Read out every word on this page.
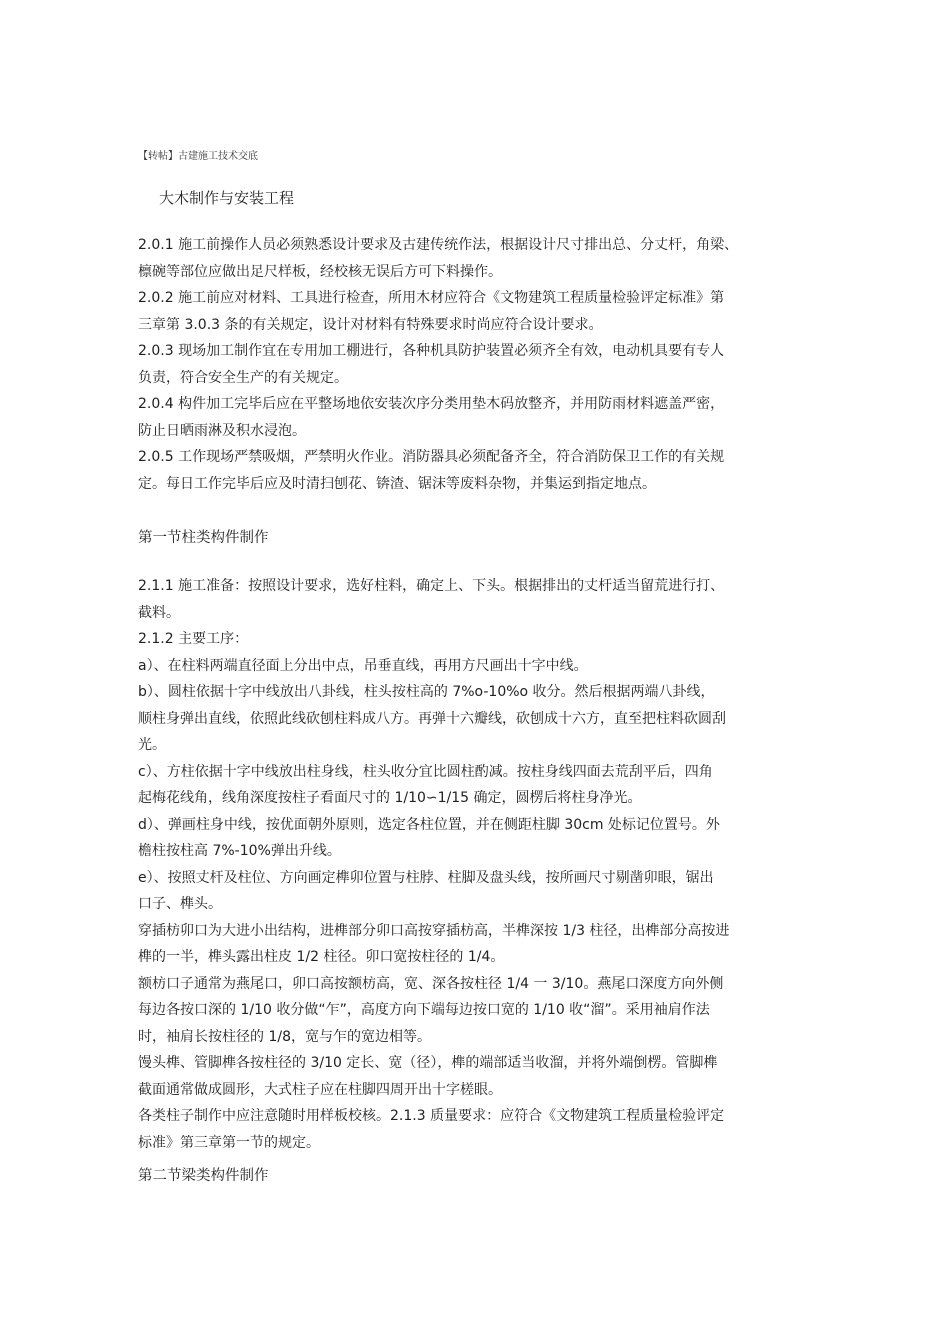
【转帖】古建施工技术交底
大木制作与安装工程

2.0.1 施工前操作人员必须熟悉设计要求及古建传统作法，根据设计尺寸排出总、分丈杆，角梁、
檩碗等部位应做出足尺样板，经校核无误后方可下料操作。

2.0.2 施工前应对材料、工具进行检查，所用木材应符合《文物建筑工程质量检验评定标准》第
三章第 3.0.3 条的有关规定，设计对材料有特殊要求时尚应符合设计要求。

2.0.3 现场加工制作宜在专用加工棚进行，各种机具防护装置必须齐全有效，电动机具要有专人
负责，符合安全生产的有关规定。

2.0.4 构件加工完毕后应在平整场地依安装次序分类用垫木码放整齐，并用防雨材料遮盖严密，
防止日晒雨淋及积水浸泡。

2.0.5 工作现场严禁吸烟，严禁明火作业。消防器具必须配备齐全，符合消防保卫工作的有关规
定。每日工作完毕后应及时清扫刨花、锛渣、锯沫等废料杂物，并集运到指定地点。

第一节柱类构件制作

2.1.1 施工准备：按照设计要求，选好柱料，确定上、下头。根据排出的丈杆适当留荒进行打、
截料。

2.1.2 主要工序：

a）、在柱料两端直径面上分出中点，吊垂直线，再用方尺画出十字中线。

b）、圆柱依据十字中线放出八卦线，柱头按柱高的 7%o-10%o 收分。然后根据两端八卦线，
顺柱身弹出直线，依照此线砍刨柱料成八方。再弹十六瓣线，砍刨成十六方，直至把柱料砍圆刮
光。

c）、方柱依据十字中线放出柱身线，柱头收分宜比圆柱酌减。按柱身线四面去荒刮平后，四角
起梅花线角，线角深度按柱子看面尺寸的 1/10∽1/15 确定，圆楞后将柱身净光。

d）、弹画柱身中线，按优面朝外原则，选定各柱位置，并在侧距柱脚 30cm 处标记位置号。外
檐柱按柱高 7%-10%弹出升线。

e）、按照丈杆及柱位、方向画定榫卯位置与柱脖、柱脚及盘头线，按所画尺寸剔凿卯眼，锯出
口子、榫头。

穿插枋卯口为大进小出结构，进榫部分卯口高按穿插枋高，半榫深按 1/3 柱径，出榫部分高按进
榫的一半，榫头露出柱皮 1/2 柱径。卯口宽按柱径的 1/4。

额枋口子通常为燕尾口，卯口高按额枋高，宽、深各按柱径 1/4 一 3/10。燕尾口深度方向外侧
每边各按口深的 1/10 收分做“乍”，高度方向下端每边按口宽的 1/10 收“溜”。采用袖肩作法
时，袖肩长按柱径的 1/8，宽与乍的宽边相等。

馒头榫、管脚榫各按柱径的 3/10 定长、宽（径），榫的端部适当收溜，并将外端倒楞。管脚榫
截面通常做成圆形，大式柱子应在柱脚四周开出十字槎眼。

各类柱子制作中应注意随时用样板校核。2.1.3 质量要求：应符合《文物建筑工程质量检验评定
标准》第三章第一节的规定。

第二节梁类构件制作
